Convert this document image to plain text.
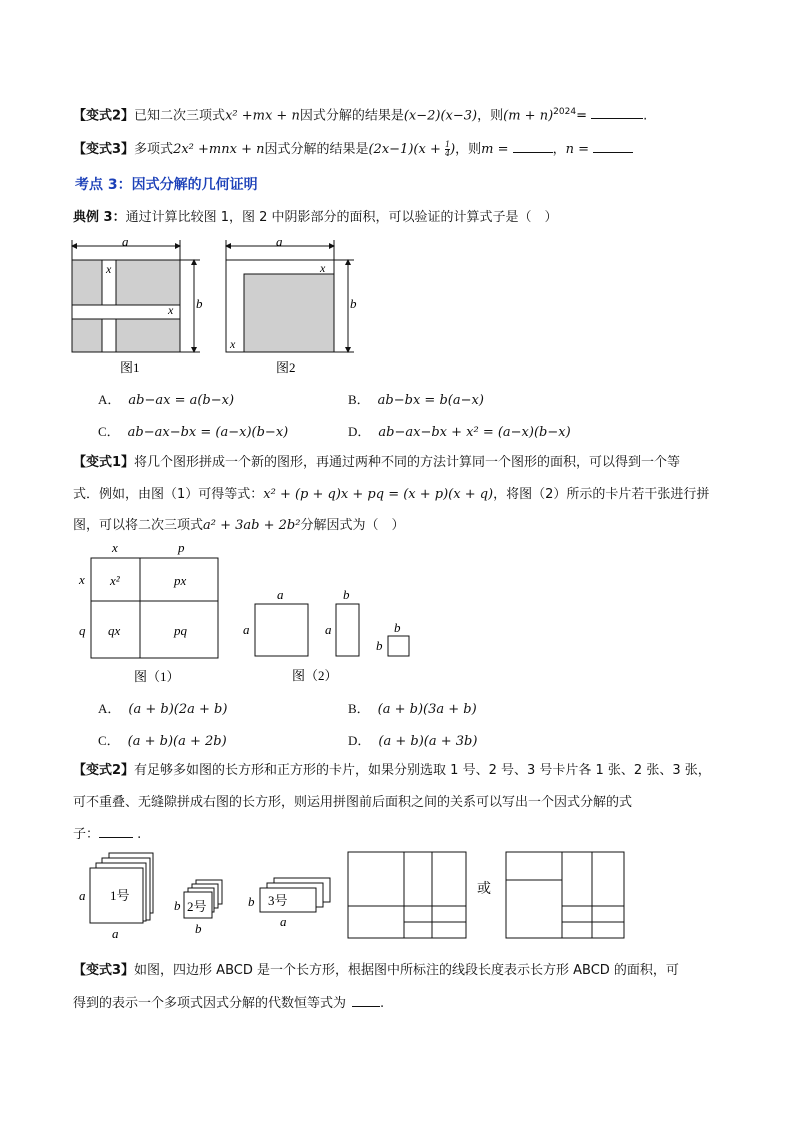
【变式2】已知二次三项式x² +mx + n因式分解的结果是(x−2)(x−3)，则$(m + n)^{2024}=$	.
【变式3】多项式2x² +mnx + n因式分解的结果是$(2x-1)(x + \frac{1}{4}$ )，则m =	，n =
考点 3：因式分解的几何证明
典例 3：通过计算比较图 1，图 2 中阴影部分的面积，可以验证的计算式子是（　）
a
b
x
x
图1
a
b
x
x
图2
A． ab−ax = a(b−x)	B． ab−bx = b(a−x)
C． ab−ax−bx = (a−x)(b−x)	D． ab−ax−bx + x² = (a−x)(b−x)
【变式1】将几个图形拼成一个新的图形，再通过两种不同的方法计算同一个图形的面积，可以得到一个等
式．例如，由图（1）可得等式：x² + (p + q)x + pq = (x + p)(x + q)，将图（2）所示的卡片若干张进行拼
图，可以将二次三项式a² + 3ab + 2b²分解因式为（　）
x	p
x
q
x²	px
qx	pq
图（1）
a
a
b
a	b
b
图（2）
A． (a + b)(2a + b)	B． (a + b)(3a + b)
C． (a + b)(a + 2b)	D． (a + b)(a + 3b)
【变式2】有足够多如图的长方形和正方形的卡片，如果分别选取 1 号、2 号、3 号卡片各 1 张、2 张、3 张，
可不重叠、无缝隙拼成右图的长方形，则运用拼图前后面积之间的关系可以写出一个因式分解的式
子：	.
1号
a
a
2号
b
b
3号
b
a
或
【变式3】如图，四边形 ABCD 是一个长方形，根据图中所标注的线段长度表示长方形 ABCD 的面积，可
得到的表示一个多项式因式分解的代数恒等式为	.
